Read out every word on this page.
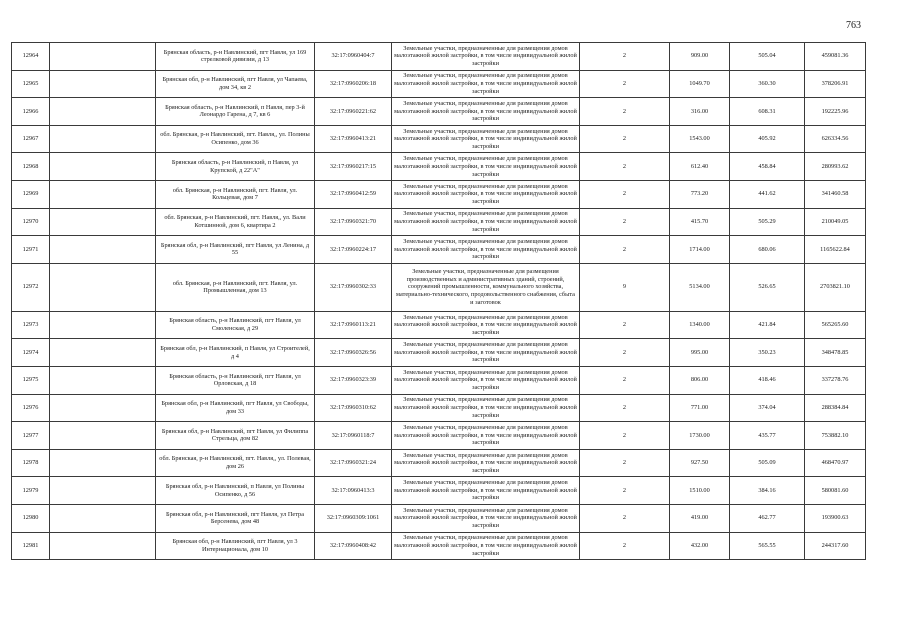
763
12964		Брянская область, р-н Навлинский, пгт Навля, ул 169 стрелковой дивизии, д 13	32:17:0960404:7	Земельные участки, предназначенные для размещения домов малоэтажной жилой застройки, в том числе индивидуальной жилой застройки	2	909.00	505.04	459081.36
12965		Брянская обл, р-н Навлинский, пгт Навля, ул Чапаева, дом 34, кв 2	32:17:0960206:18	Земельные участки, предназначенные для размещения домов малоэтажной жилой застройки, в том числе индивидуальной жилой застройки	2	1049.70	360.30	378206.91
12966		Брянская область, р-н Навлинский, п Навля, пер 3-й Леонардо Гарена, д 7, кв 6	32:17:0960221:62	Земельные участки, предназначенные для размещения домов малоэтажной жилой застройки, в том числе индивидуальной жилой застройки	2	316.00	608.31	192225.96
12967		обл. Брянская, р-н Навлинский, пгт. Навля,, ул. Полины Осипенко, дом 36	32:17:0960413:21	Земельные участки, предназначенные для размещения домов малоэтажной жилой застройки, в том числе индивидуальной жилой застройки	2	1543.00	405.92	626334.56
12968		Брянская область, р-н Навлинский, п Навля, ул Крупской, д 22"А"	32:17:0960217:15	Земельные участки, предназначенные для размещения домов малоэтажной жилой застройки, в том числе индивидуальной жилой застройки	2	612.40	458.84	280993.62
12969		обл. Брянская, р-н Навлинский, пгт. Навля, ул. Кольцевая, дом 7	32:17:0960412:59	Земельные участки, предназначенные для размещения домов малоэтажной жилой застройки, в том числе индивидуальной жилой застройки	2	773.20	441.62	341460.58
12970		обл. Брянская, р-н Навлинский, пгт. Навля,, ул. Вали Котшинной, дом 6, квартира 2	32:17:0960321:70	Земельные участки, предназначенные для размещения домов малоэтажной жилой застройки, в том числе индивидуальной жилой застройки	2	415.70	505.29	210049.05
12971		Брянская обл, р-н Навлинский, пгт Навля, ул Ленина, д 55	32:17:0960224:17	Земельные участки, предназначенные для размещения домов малоэтажной жилой застройки, в том числе индивидуальной жилой застройки	2	1714.00	680.06	1165622.84
12972		обл. Брянская, р-н Навлинский, пгт. Навля, ул. Промышленная, дом 13	32:17:0960302:33	Земельные участки, предназначенные для размещения производственных и административных зданий, строений, сооружений промышленности, коммунального хозяйства, материально-технического, продовольственного снабжения, сбыта и заготовок	9	5134.00	526.65	2703821.10
12973		Брянская область, р-н Навлинский, пгт Навля, ул Смоленская, д 29	32:17:0960113:21	Земельные участки, предназначенные для размещения домов малоэтажной жилой застройки, в том числе индивидуальной жилой застройки	2	1340.00	421.84	565265.60
12974		Брянская обл, р-н Навлинский, п Навля, ул Строителей, д 4	32:17:0960326:56	Земельные участки, предназначенные для размещения домов малоэтажной жилой застройки, в том числе индивидуальной жилой застройки	2	995.00	350.23	348478.85
12975		Брянская область, р-н Навлинский, пгт Навля, ул Орловская, д 18	32:17:0960323:39	Земельные участки, предназначенные для размещения домов малоэтажной жилой застройки, в том числе индивидуальной жилой застройки	2	806.00	418.46	337278.76
12976		Брянская обл, р-н Навлинский, пгт Навля, ул Свободы, дом 33	32:17:0960310:62	Земельные участки, предназначенные для размещения домов малоэтажной жилой застройки, в том числе индивидуальной жилой застройки	2	771.00	374.04	288384.84
12977		Брянская обл, р-н Навлинский, пгт Навля, ул Филиппа Стрельца, дом 82	32:17:0960118:7	Земельные участки, предназначенные для размещения домов малоэтажной жилой застройки, в том числе индивидуальной жилой застройки	2	1730.00	435.77	753882.10
12978		обл. Брянская, р-н Навлинский, пгт. Навля,, ул. Полевая, дом 26	32:17:0960321:24	Земельные участки, предназначенные для размещения домов малоэтажной жилой застройки, в том числе индивидуальной жилой застройки	2	927.50	505.09	468470.97
12979		Брянская обл, р-н Навлинский, п Навля, ул Полины Осипенко, д 56	32:17:0960413:3	Земельные участки, предназначенные для размещения домов малоэтажной жилой застройки, в том числе индивидуальной жилой застройки	2	1510.00	384.16	580081.60
12980		Брянская обл, р-н Навлинский, пгт Навля, ул Петра Берсенева, дом 48	32:17:0960309:1061	Земельные участки, предназначенные для размещения домов малоэтажной жилой застройки, в том числе индивидуальной жилой застройки	2	419.00	462.77	193900.63
12981		Брянская обл, р-н Навлинский, пгт Навля, ул 3 Интернационала, дом 10	32:17:0960408:42	Земельные участки, предназначенные для размещения домов малоэтажной жилой застройки, в том числе индивидуальной жилой застройки	2	432.00	565.55	244317.60
